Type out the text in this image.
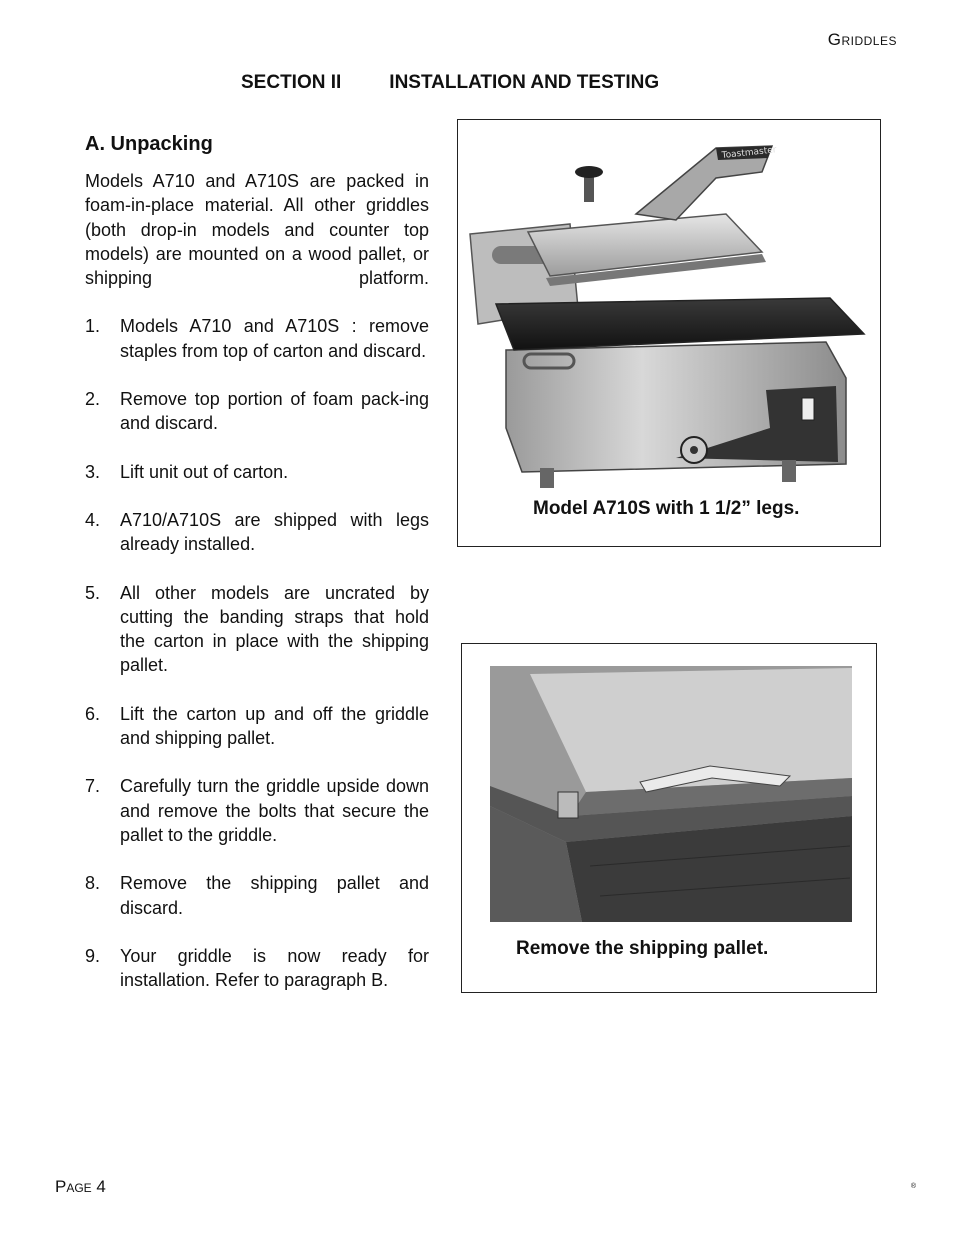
Griddles
SECTION II	INSTALLATION AND TESTING
A. Unpacking

Models A710 and A710S are packed in foam-in-place material. All other griddles (both drop-in models and counter top models) are mounted on a wood pallet, or shipping platform.

1. Models A710 and A710S : remove staples from top of carton and discard.
2. Remove top portion of foam pack-ing and discard.
3. Lift unit out of carton.
4. A710/A710S are shipped with legs already installed.
5. All other models are uncrated by cutting the banding straps that hold the carton in place with the shipping pallet.
6. Lift the carton up and off the griddle and shipping pallet.
7. Carefully turn the griddle upside down and remove the bolts that secure the pallet to the griddle.
8. Remove the shipping pallet and discard.
9. Your griddle is now ready for installation. Refer to paragraph B.
Toastmaster
Model A710S with 1 1/2” legs.
Remove the shipping pallet.
Page 4	®
